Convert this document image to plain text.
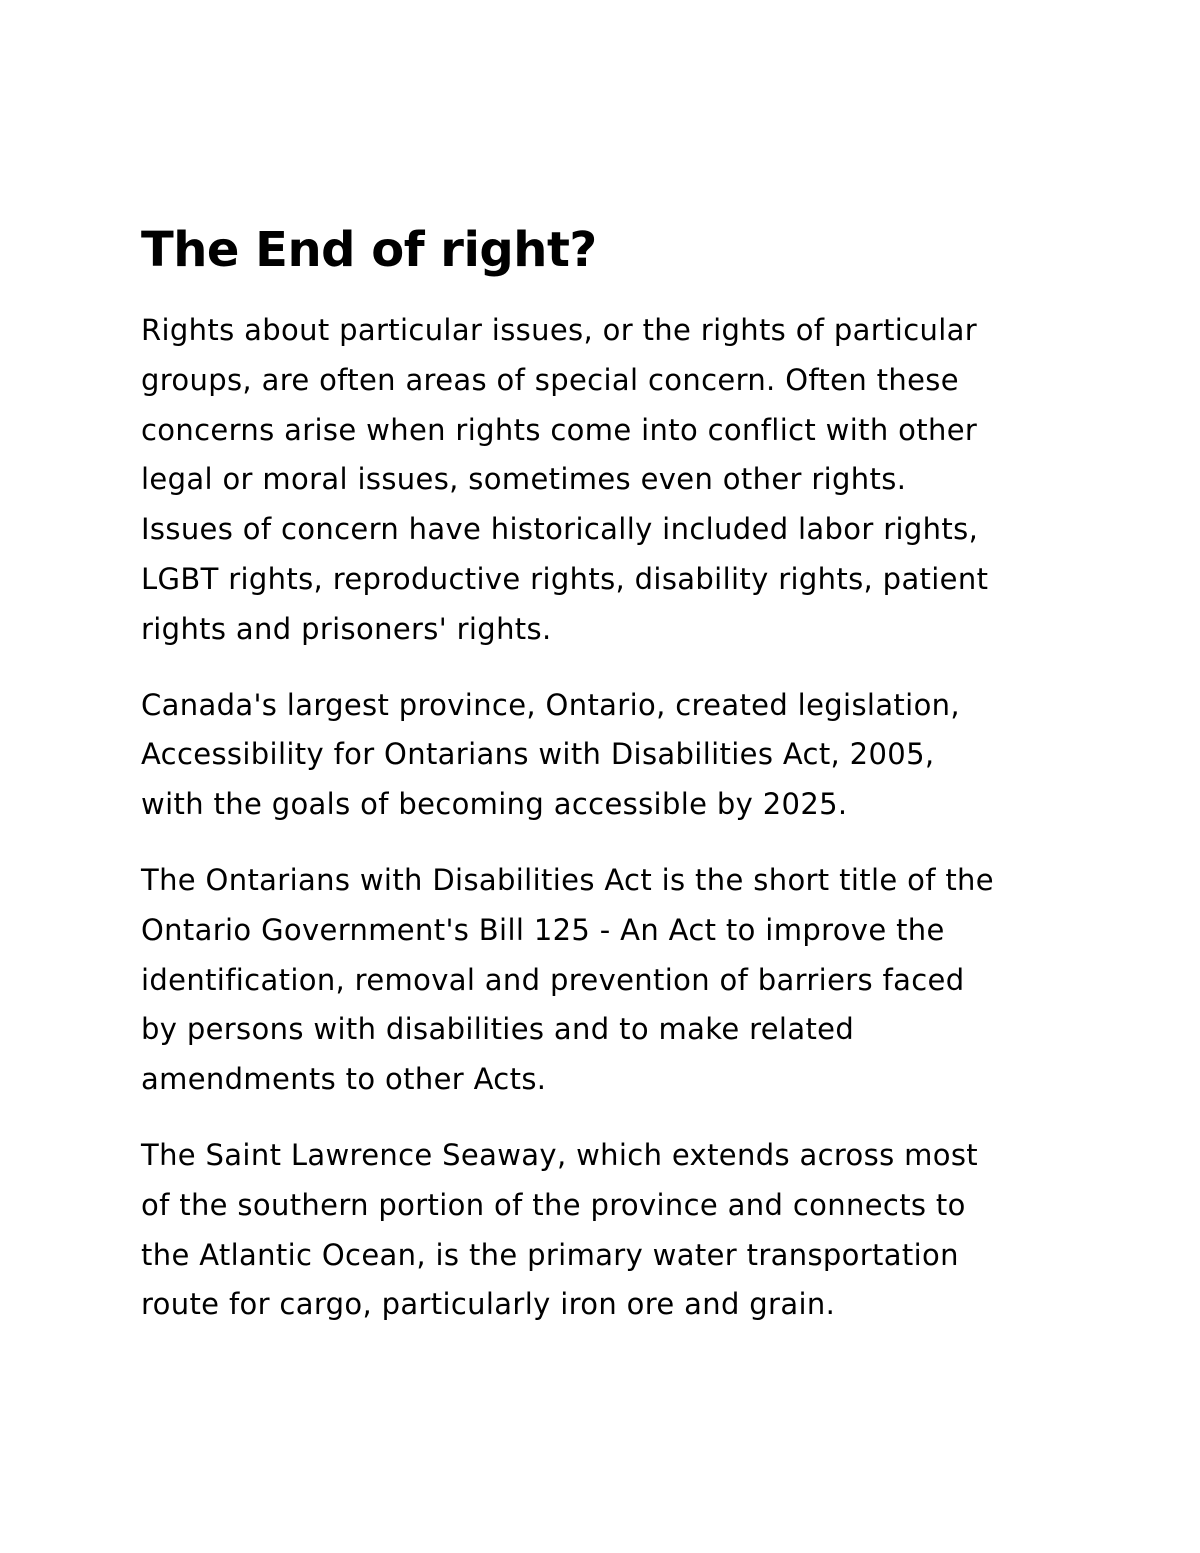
The End of right?

Rights about particular issues, or the rights of particular
groups, are often areas of special concern. Often these
concerns arise when rights come into conflict with other
legal or moral issues, sometimes even other rights.
Issues of concern have historically included labor rights,
LGBT rights, reproductive rights, disability rights, patient
rights and prisoners' rights.

Canada's largest province, Ontario, created legislation,
Accessibility for Ontarians with Disabilities Act, 2005,
with the goals of becoming accessible by 2025.

The Ontarians with Disabilities Act is the short title of the
Ontario Government's Bill 125 - An Act to improve the
identification, removal and prevention of barriers faced
by persons with disabilities and to make related
amendments to other Acts.

The Saint Lawrence Seaway, which extends across most
of the southern portion of the province and connects to
the Atlantic Ocean, is the primary water transportation
route for cargo, particularly iron ore and grain.
